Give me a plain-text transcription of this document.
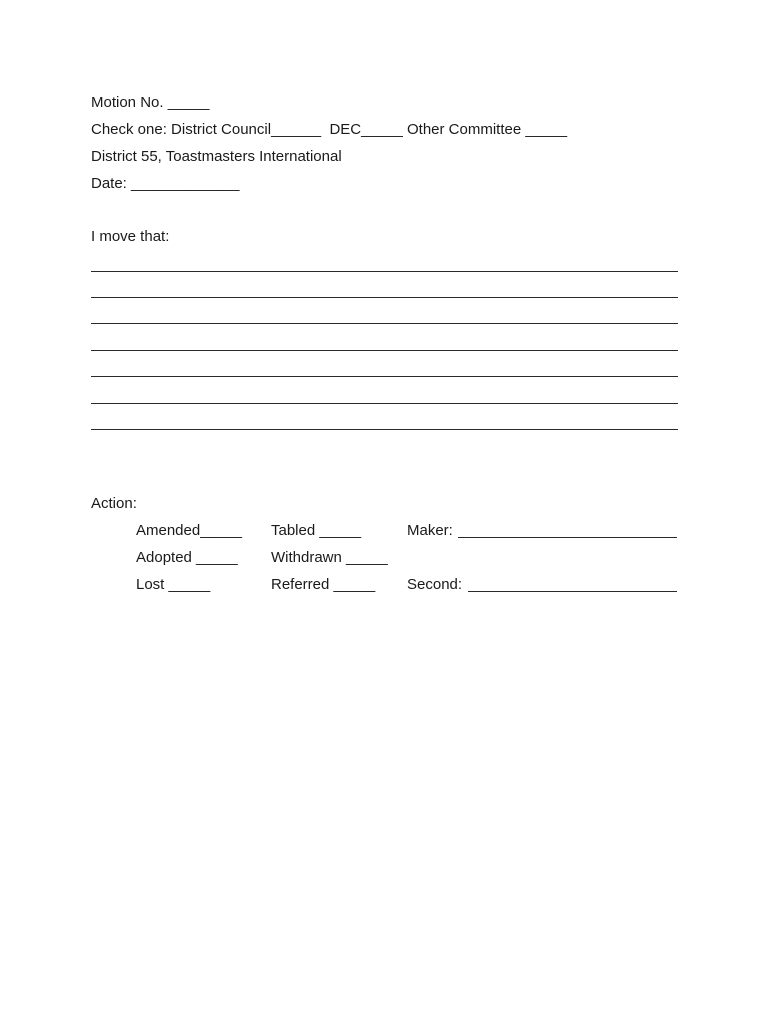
Motion No. _____
Check one: District Council______  DEC_____ Other Committee _____
District 55, Toastmasters International
Date: _____________
I move that:
Action:
Amended_____
Adopted _____
Lost _____
Tabled _____
Withdrawn _____
Referred _____
Maker:
Second:
